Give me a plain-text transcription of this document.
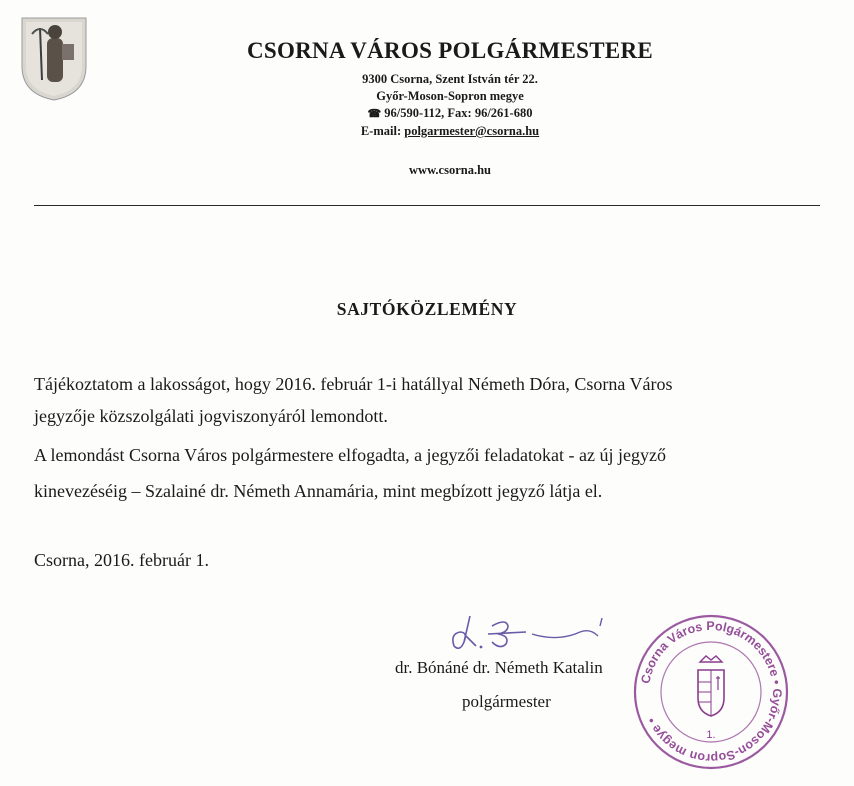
CSORNA VÁROS POLGÁRMESTERE
9300 Csorna, Szent István tér 22.
Győr-Moson-Sopron megye
☎ 96/590-112, Fax: 96/261-680
E-mail: polgarmester@csorna.hu
www.csorna.hu
SAJTÓKÖZLEMÉNY
Tájékoztatom a lakosságot, hogy 2016. február 1-i hatállyal Németh Dóra, Csorna Város
jegyzője közszolgálati jogviszonyáról lemondott.
A lemondást Csorna Város polgármestere elfogadta, a jegyzői feladatokat - az új jegyző
kinevezéséig – Szalainé dr. Németh Annamária, mint megbízott jegyző látja el.
Csorna, 2016. február 1.
dr. Bónáné dr. Németh Katalin
polgármester
Csorna Város Polgármestere • Győr-Moson-Sopron megye •
1.
